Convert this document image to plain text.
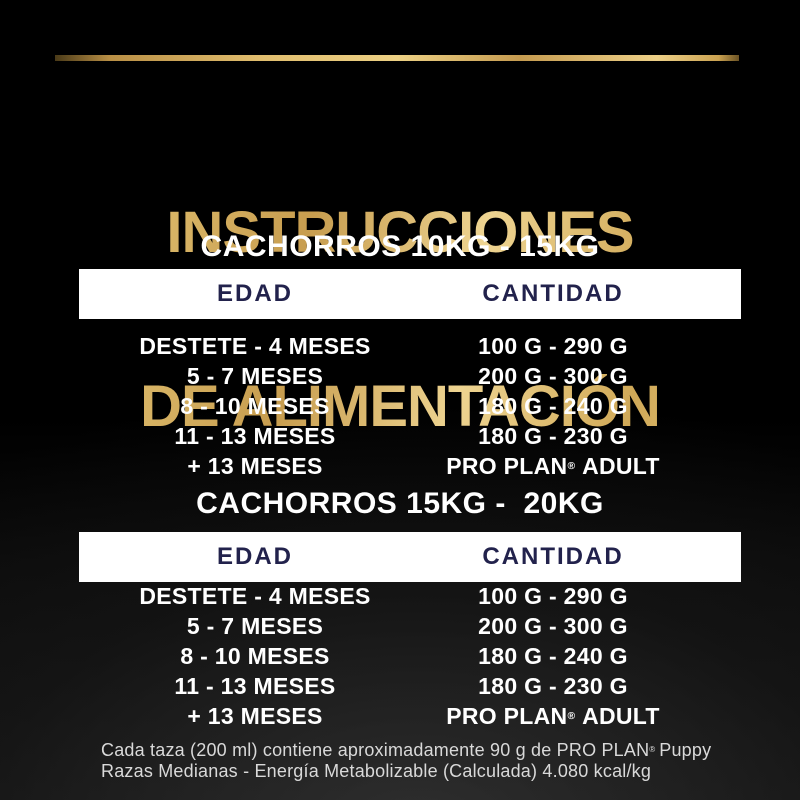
INSTRUCCIONES

DE ALIMENTACIÓN

CACHORROS 10KG - 15KG
EDAD	CANTIDAD
DESTETE - 4 MESES	100 G - 290 G
5 - 7 MESES	200 G - 300 G
8 - 10 MESES	180 G - 240 G
11 - 13 MESES	180 G - 230 G
+ 13 MESES	PRO PLAN® ADULT
CACHORROS 15KG -  20KG
EDAD	CANTIDAD
DESTETE - 4 MESES	100 G - 290 G
5 - 7 MESES	200 G - 300 G
8 - 10 MESES	180 G - 240 G
11 - 13 MESES	180 G - 230 G
+ 13 MESES	PRO PLAN® ADULT
Cada taza (200 ml) contiene aproximadamente 90 g de PRO PLAN® Puppy
Razas Medianas - Energía Metabolizable (Calculada) 4.080 kcal/kg
